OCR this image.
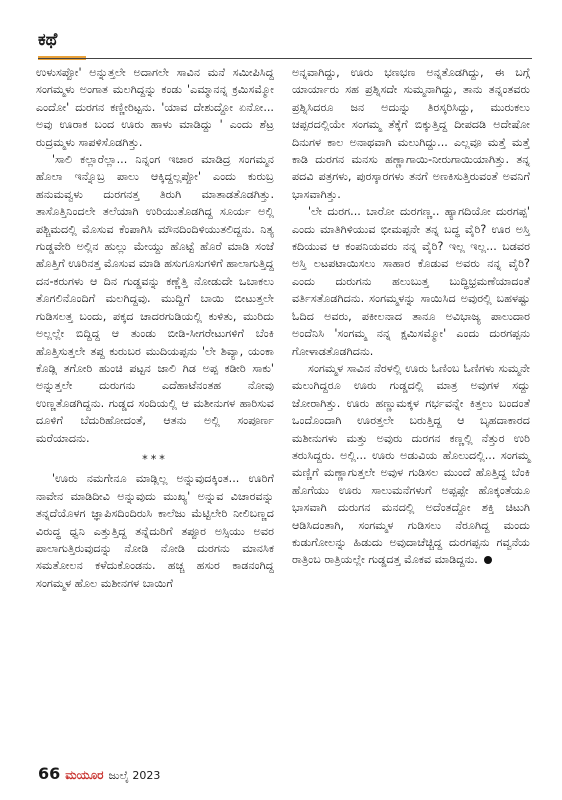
ಕಥೆ

ಉಳುಸಪ್ಪೋ' ಅನ್ನುತ್ತಲೇ ಅದಾಗಲೇ ಸಾವಿನ ಮನೆ ಸಮೀಪಿಸಿದ್ದ ಸಂಗಮ್ಮಳು ಅಂಗಾತ ಮಲಗಿದ್ದನ್ನು ಕಂಡು 'ಎಮ್ಮಾನನ್ನ ಕ್ರಮಿಸಮ್ಮೋ ಎಂದೋ' ದುರಗನ ಕಣ್ಣೀರಿಟ್ಟನು. 'ಯಾವ ದೇಶುದ್ದೋ ಏನೋ... ಅವು ಊರಾಕ ಬಂದ ಊರು ಹಾಳು ಮಾಡಿದ್ದು ' ಎಂದು ಶೆಟ್ರ ರುದ್ರಮ್ಮಳು ಸಾಪಳಿಸೊಡಗಿತ್ತು.

'ಸಾಲಿ ಕಲ್ಲಾರೆಲ್ಲಾ... ನಿನ್ನಂಗ ಇಚಾರ ಮಾಡಿದ್ರ ಸಂಗಮ್ಮನ ಹೊಲಾ ಇನ್ನೊಬ್ರ ಪಾಲು ಆಕ್ಕಿದ್ದಲ್ಲಪ್ಪೋ' ಎಂದು ಕುರುಬ್ರ ಹನುಮವ್ವಳು ದುರಗನತ್ತ ತಿರುಗಿ ಮಾತಾಡತೊಡಗಿತ್ತು. ತಾಸೊತ್ತಿನಿಂದಲೇ ತಲೆಯಾಗಿ ಉರಿಯುತೊಡಗಿದ್ದ ಸೂರ್ಯ ಅಲ್ಲಿ ಪಶ್ಚಿಮದಲ್ಲಿ ಮೊಸುವ ಕೆಂಪಾಗಿಸಿ ಮೌನದಿಂದಿಳಿಯುತಲಿದ್ದನು. ನಿತ್ಯ ಗುಡ್ಡವೇರಿ ಅಲ್ಲಿನ ಹುಲ್ಲು ಮೇಯ್ದು ಹೊಟ್ಟೆ ಹೊರೆ ಮಾಡಿ ಸಂಜೆ ಹೊತ್ತಿಗೆ ಊರಿನತ್ತ ಮೊಸುವ ಮಾಡಿ ಹಸುಗೂಸುಗಳಿಗೆ ಹಾಲಾಗುತ್ತಿದ್ದ ದನ-ಕರುಗಳು ಆ ದಿನ ಗುಡ್ಡವನ್ನು ಕಣ್ಣೆತ್ತಿ ನೋಡುದೇ ಒಬಾಕಲು ತೊಗಲಿನೊಂದಿಗೆ ಮಲಗಿದ್ದವು. ಮುದ್ದಿಗೆ ಬಾಯಿ ಬೀಟುತ್ತಲೇ ಗುಡಿಸಲತ್ತ ಬಂದು, ಪಕ್ಕದ ಚಾದರಗುಡಿಯಲ್ಲಿ ಕುಳಿತು, ಮುರಿದು ಅಲ್ಲಲ್ಲೇ ಬಿದ್ದಿದ್ದ ಆ ತುಂಡು ಬೀಡಿ-ಸೀಗರೇಟುಗಳಿಗೆ ಬೆಂಕಿ ಹೊತ್ತಿಸುತ್ತಲೇ ತಪ್ದ ಕುರುಬರ ಮುದಿಯಪ್ಪನು 'ಲೇ ಶಿವ್ಯಾ, ಯಂಕಾ ಕೊಡ್ಲಿ ತಗೋರಿ ಹುಂಚಿ ಪಟ್ಟನ ಜಾಲಿ ಗಿಡ ಅಪ್ಪ ಕಡೀರಿ ಸಾಕು' ಅನ್ನುತ್ತಲೇ ದುರುಗನು ಎದೆಹಾಟೆನಂತಹ ನೋವು ಉಣ್ಣತೊಡಗಿದ್ದನು. ಗುಡ್ಡದ ಸಂದಿಯಲ್ಲಿ ಆ ಮಶೀನುಗಳ ಹಾರಿಸುವ ದೂಳಿಗೆ ಬೆದುರಿಹೋದಂತೆ, ಆತನು ಅಲ್ಲಿ ಸಂಪೂರ್ಣ ಮರೆಯಾದನು.

***

'ಊರು ನಮಗೇನೂ ಮಾಡ್ಲಿಲ್ಲ ಅನ್ನುವುದಕ್ಕಿಂತ... ಊರಿಗೆ ನಾವೇನ ಮಾಡಿದೀವಿ ಅನ್ನುವುದು ಮುಖ್ಯ' ಅನ್ನುವ ವಿಚಾರವನ್ನು ತನ್ನದೆಯೊಳಗ ಜ್ಞಾಪಿಸದಿಂದಿರುಸಿ ಕಾಲೆಜು ಮೆಟ್ಟಿಲೇರಿ ನೀಲಿಬಣ್ಣದ ವಿರುದ್ಧ ಧ್ವನಿ ಎತ್ತುತ್ತಿದ್ದ ತನ್ನೆದುರಿಗೆ ತಪ್ಪೂರ ಅಸ್ಸಿಯು ಅವರ ಪಾಲಾಗುತ್ತಿರುವುದನ್ನು ನೋಡಿ ನೋಡಿ ದುರಗನು ಮಾನಸಿಕ ಸಮತೋಲನ ಕಳೆದುಕೊಂಡನು. ಹಚ್ಚ ಹಸುರ ಕಾಡನಂಗಿದ್ದ ಸಂಗಮ್ಮಳ ಹೊಲ ಮಶೀನಗಳ ಬಾಯಿಗೆ

ಅನ್ನವಾಗಿದ್ದು, ಊರು ಭಣಭಣ ಅನ್ನತೊಡಗಿದ್ದು, ಈ ಬಗ್ಗೆ ಯಾರ್ಯಾರು ಸಹ ಪ್ರಶ್ನಿಸದೇ ಸುಮ್ಮನಾಗಿದ್ದು, ತಾನು ತನ್ನಂತವರು ಪ್ರಶ್ನಿಸಿದರೂ ಜನ ಅದುನ್ನು ತಿರಸ್ಕರಿಸಿದ್ದು, ಮುರುಕಲು ಚಪ್ಪರದಲ್ಲಿಯೇ ಸಂಗಮ್ಮ ತೆಕ್ಕೆಗೆ ಬಿಕ್ಕುತ್ತಿದ್ದ ದೀಪದಡಿ ಅದೇಷೋ ದಿನುಗಳ ಕಾಲ ಅನಾಥವಾಗಿ ಮಲುಗಿದ್ದು... ಎಲ್ಲವೂ ಮತ್ತೆ ಮತ್ತೆ ಕಾಡಿ ದುರಗನ ಮನಸು ಹಣ್ಣಾಗಾಯಿ-ನೀರುಗಾಯಿಯಾಗಿತ್ತು. ತನ್ನ ಪದವಿ ಪತ್ರಗಳು, ಪುರಸ್ಕಾರಗಳು ತನಗೆ ಅಣಕಿಸುತ್ತಿರುವಂತೆ ಅವನಿಗೆ ಭಾಸವಾಗಿತ್ತು.

'ಲೇ ದುರಗ... ಬಾರೋ ದುರಗಣ್ಣ.. ಹ್ಯಾಗದಿಯೋ ದುರಗಪ್ಪ' ಎಂದು ಮಾತಿಗಿಳಿಯುವ ಭೀಮಪ್ಪನೇ ತನ್ನ ಬದ್ಧ ವೈರಿ? ಊರ ಅಸ್ತಿ ಕದಿಯುವ ಆ ಕಂಪನಿಯವರು ನನ್ನ ವೈರಿ? ಇಲ್ಲ ಇಲ್ಲ... ಬಡವರ ಅಸ್ತಿ ಲಟಪಟಾಯಿಸಲು ಸಾಹಾರ ಕೊಡುವ ಅವರು ನನ್ನ ವೈರಿ? ಎಂದು ದುರುಗನು ಹಲುಬುತ್ತ ಬುದ್ಧಿಭ್ರಮಣೆಯಾದಂತೆ ವರ್ತಿಸತೊಡಗಿದನು. ಸಂಗಮ್ಮಳನ್ನು ಸಾಯಿಸಿದ ಅವುರಲ್ಲಿ ಬಹಳಷ್ಟು ಓದಿದ ಅವರು, ಪಕೀಲನಾದ ತಾನೂ ಅವಿಭಾಜ್ಯ ಪಾಲುದಾರ ಅಂದೆನಿಸಿ 'ಸಂಗಮ್ಮ ನನ್ನ ಕ್ಷಮಿಸಮ್ಮೋ' ಎಂದು ದುರಗಪ್ಪನು ಗೋಳಾಡತೊಡಗಿದನು.

ಸಂಗಮ್ಮಳ ಸಾವಿನ ನೆರಳಲ್ಲಿ ಊರು ಓಣಿಂಬ ಓಣಿಗಳು ಸುಮ್ಮನೇ ಮಲುಗಿದ್ದರೂ ಊರು ಗುಡ್ಡದಲ್ಲಿ ಮಾತ್ರ ಅವುಗಳ ಸದ್ದು ಜೋರಾಗಿತ್ತು. ಊರು ಹಣ್ಣುಮಕ್ಕಳ ಗರ್ಭವನ್ನೇ ಕಿತ್ತಲು ಬಂದಂತೆ ಒಂದೊಂದಾಗಿ ಊರತ್ತಲೇ ಬರುತ್ತಿದ್ದ ಆ ಬೃಹದಾಕಾರದ ಮಶೀನುಗಳು ಮತ್ತು ಅವುರು ದುರಗನ ಕಣ್ಣಲ್ಲಿ ನೆತ್ತುರ ಉರಿ ತರುಸಿದ್ದರು. ಅಲ್ಲಿ... ಊರು ಅಡುವಿಯ ಹೊಲುದಲ್ಲಿ... ಸಂಗಮ್ಮ ಮಣ್ಣಿಗೆ ಮಣ್ಣಾಗುತ್ತಲೇ ಅವುಳ ಗುಡಿಸಲ ಮುಂದೆ ಹೊತ್ತಿದ್ದ ಬೆಂಕಿ ಹೊಗೆಯು ಊರು ಸಾಲುಮನೆಗಳುಗೆ ಅಪ್ಪಪ್ಪೇ ಹೊಕ್ಕಂತೆಯೂ ಭಾಸವಾಗಿ ದುರುಗನ ಮನದಲ್ಲಿ ಅದೆಂತದ್ದೋ ಶಕ್ತಿ ಚಿಟುಗಿ ಆಡಿಸಿದಂತಾಗಿ, ಸಂಗಮ್ಮಳ ಗುಡಿಸಲು ನೆರೂಗಿದ್ದ ಮಂದು ಕುಡುಗೋಲನ್ನು ಹಿಡುದು ಅವುದಾಚೆಚ್ಚಿದ್ದ ದುರಗಪ್ಪನು ಗವ್ವನೆಯ ರಾತ್ರಿಂಬ ರಾತ್ರಿಯಲ್ಲೇ ಗುಡ್ಡದತ್ತ ಮೊಕವ ಮಾಡಿದ್ದನು.

66 ಮಯೂರ ಜುಲೈ 2023
